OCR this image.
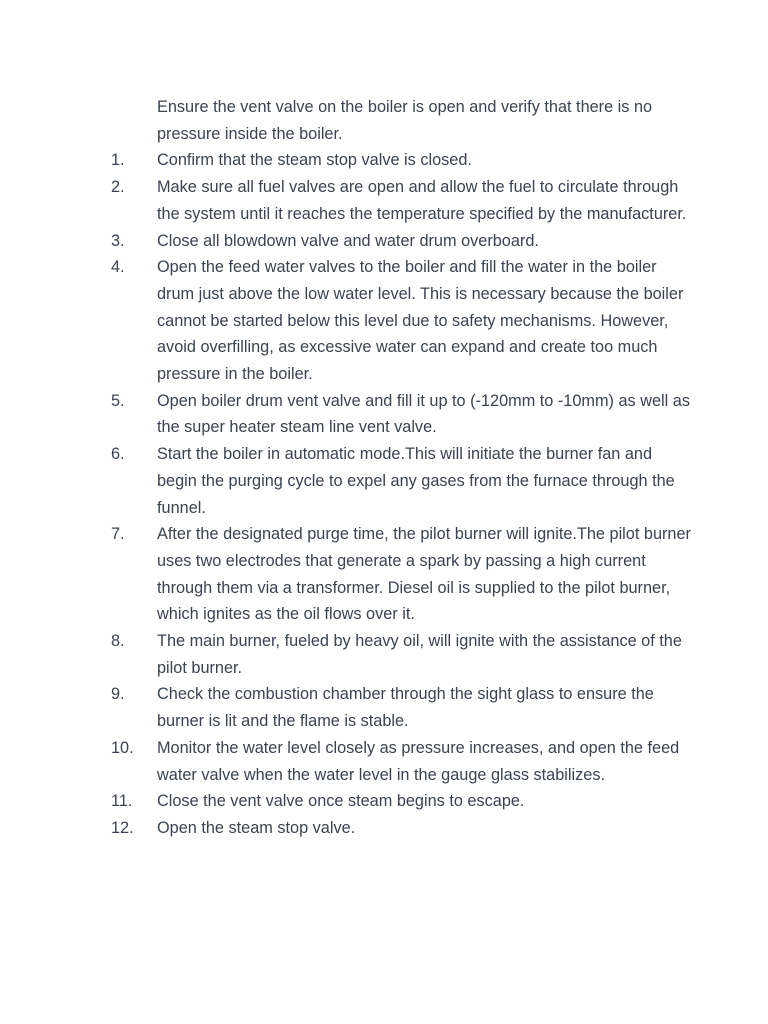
Ensure the vent valve on the boiler is open and verify that there is no pressure inside the boiler.
1.	Confirm that the steam stop valve is closed.
2.	Make sure all fuel valves are open and allow the fuel to circulate through the system until it reaches the temperature specified by the manufacturer.
3.	Close all blowdown valve and water drum overboard.
4.	Open the feed water valves to the boiler and fill the water in the boiler drum just above the low water level. This is necessary because the boiler cannot be started below this level due to safety mechanisms. However, avoid overfilling, as excessive water can expand and create too much pressure in the boiler.
5.	Open boiler drum vent valve and fill it up to (-120mm to -10mm) as well as the super heater steam line vent valve.
6.	Start the boiler in automatic mode.This will initiate the burner fan and begin the purging cycle to expel any gases from the furnace through the funnel.
7.	After the designated purge time, the pilot burner will ignite.The pilot burner uses two electrodes that generate a spark by passing a high current through them via a transformer. Diesel oil is supplied to the pilot burner, which ignites as the oil flows over it.
8.	The main burner, fueled by heavy oil, will ignite with the assistance of the pilot burner.
9.	Check the combustion chamber through the sight glass to ensure the burner is lit and the flame is stable.
10.	Monitor the water level closely as pressure increases, and open the feed water valve when the water level in the gauge glass stabilizes.
11.	Close the vent valve once steam begins to escape.
12.	Open the steam stop valve.
